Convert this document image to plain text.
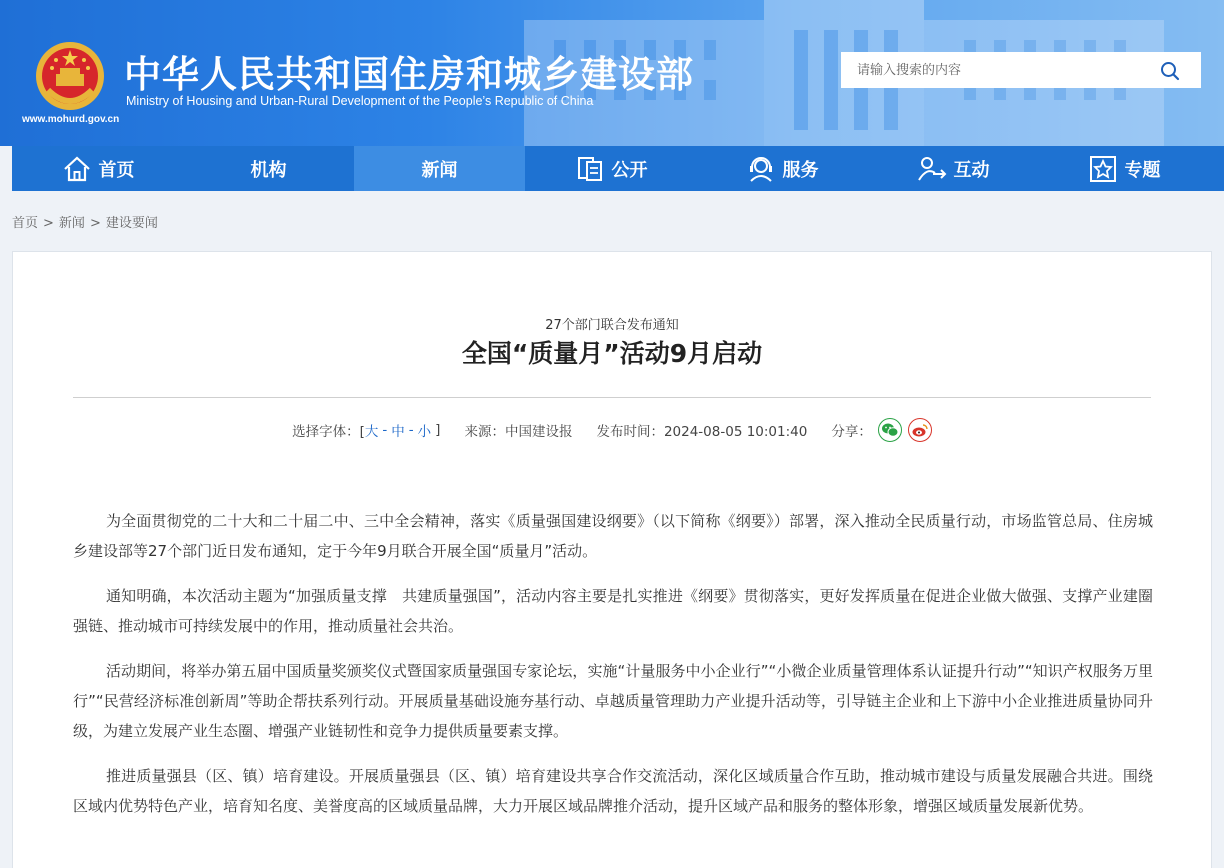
中华人民共和国住房和城乡建设部
Ministry of Housing and Urban-Rural Development of the People’s Republic of China
www.mohurd.gov.cn
请输入搜索的内容
首页	机构	新闻	公开	服务	互动	专题
首页 > 新闻 > 建设要闻
27个部门联合发布通知
全国“质量月”活动9月启动
选择字体：[ 大 - 中 - 小 ] 来源：中国建设报 发布时间：2024-08-05 10:01:40 分享：

为全面贯彻党的二十大和二十届二中、三中全会精神，落实《质量强国建设纲要》（以下简称《纲要》）部署，深入推动全民质量行动，市场监管总局、住房城乡建设部等27个部门近日发布通知，定于今年9月联合开展全国“质量月”活动。

通知明确，本次活动主题为“加强质量支撑　共建质量强国”，活动内容主要是扎实推进《纲要》贯彻落实，更好发挥质量在促进企业做大做强、支撑产业建圈强链、推动城市可持续发展中的作用，推动质量社会共治。

活动期间，将举办第五届中国质量奖颁奖仪式暨国家质量强国专家论坛，实施“计量服务中小企业行”“小微企业质量管理体系认证提升行动”“知识产权服务万里行”“民营经济标准创新周”等助企帮扶系列行动。开展质量基础设施夯基行动、卓越质量管理助力产业提升活动等，引导链主企业和上下游中小企业推进质量协同升级，为建立发展产业生态圈、增强产业链韧性和竞争力提供质量要素支撑。

推进质量强县（区、镇）培育建设。开展质量强县（区、镇）培育建设共享合作交流活动，深化区域质量合作互助，推动城市建设与质量发展融合共进。围绕区域内优势特色产业，培育知名度、美誉度高的区域质量品牌，大力开展区域品牌推介活动，提升区域产品和服务的整体形象，增强区域质量发展新优势。
